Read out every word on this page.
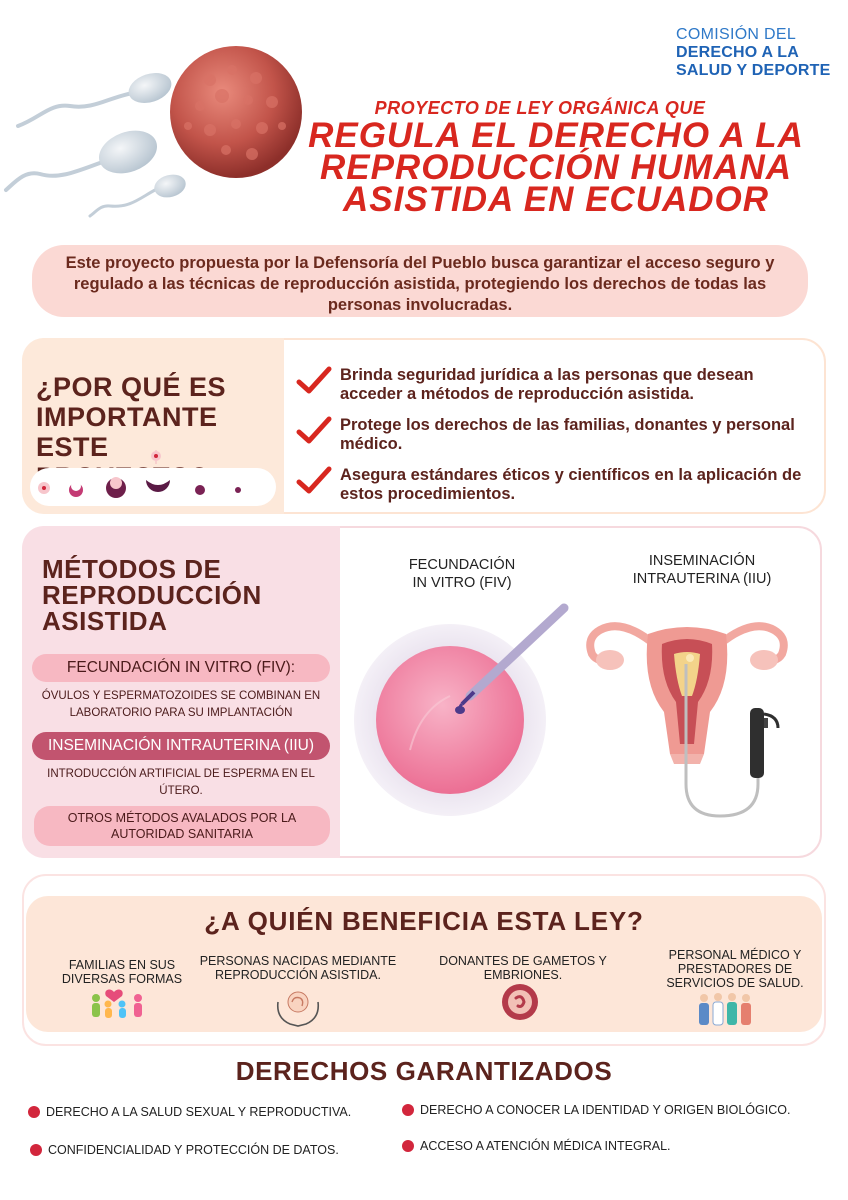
COMISIÓN DEL
DERECHO A LA
SALUD Y DEPORTE
PROYECTO DE LEY ORGÁNICA QUE
REGULA EL DERECHO A LA
REPRODUCCIÓN HUMANA
ASISTIDA EN ECUADOR

Este proyecto propuesta por la Defensoría del Pueblo busca garantizar el acceso seguro y regulado a las técnicas de reproducción asistida, protegiendo los derechos de todas las personas involucradas.

¿POR QUÉ ES
IMPORTANTE
ESTE
Brinda seguridad jurídica a las personas que desean acceder a métodos de reproducción asistida.
Protege los derechos de las familias, donantes y personal médico.
Asegura estándares éticos y científicos en la aplicación de estos procedimientos.
MÉTODOS DE
REPRODUCCIÓN
ASISTIDA
FECUNDACIÓN IN VITRO (FIV):
ÓVULOS Y ESPERMATOZOIDES SE COMBINAN EN LABORATORIO PARA SU IMPLANTACIÓN
INSEMINACIÓN INTRAUTERINA (IIU)
INTRODUCCIÓN ARTIFICIAL DE ESPERMA EN EL ÚTERO.
OTROS MÉTODOS AVALADOS POR LA AUTORIDAD SANITARIA
FECUNDACIÓN
IN VITRO (FIV)
INSEMINACIÓN
INTRAUTERINA (IIU)
¿A QUIÉN BENEFICIA ESTA LEY?
FAMILIAS EN SUS DIVERSAS FORMAS
PERSONAS NACIDAS MEDIANTE REPRODUCCIÓN ASISTIDA.
DONANTES DE GAMETOS Y EMBRIONES.
PERSONAL MÉDICO Y PRESTADORES DE SERVICIOS DE SALUD.
DERECHOS GARANTIZADOS
DERECHO A LA SALUD SEXUAL Y REPRODUCTIVA.	DERECHO A CONOCER LA IDENTIDAD Y ORIGEN BIOLÓGICO.
CONFIDENCIALIDAD Y PROTECCIÓN DE DATOS.	ACCESO A ATENCIÓN MÉDICA INTEGRAL.
